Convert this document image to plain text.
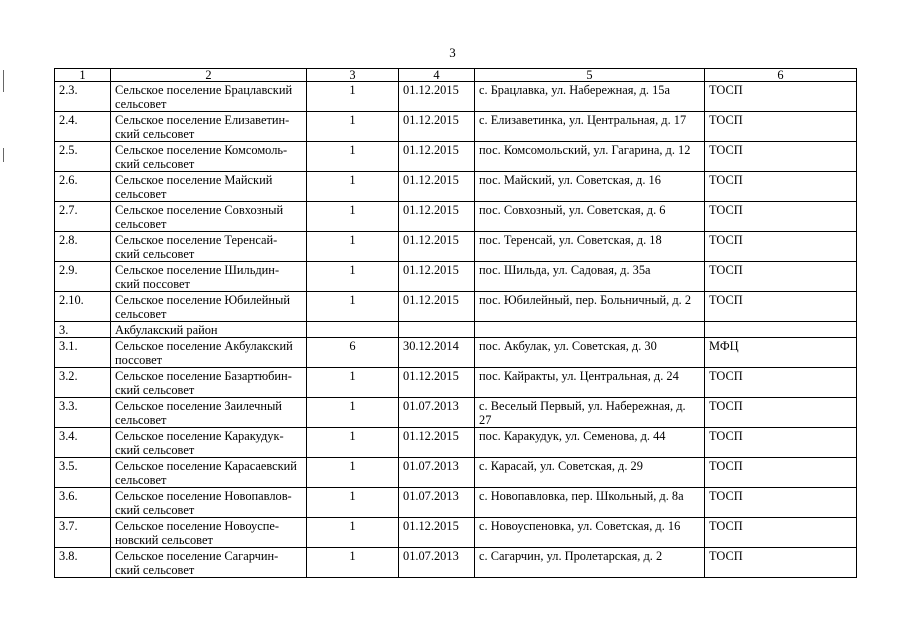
3
1	2	3	4	5	6
2.3.	Сельское поселение Брацлавский сельсовет	1	01.12.2015	с. Брацлавка, ул. Набережная, д. 15а	ТОСП
2.4.	Сельское поселение Елизаветин-ский сельсовет	1	01.12.2015	с. Елизаветинка, ул. Центральная, д. 17	ТОСП
2.5.	Сельское поселение Комсомоль-ский сельсовет	1	01.12.2015	пос. Комсомольский, ул. Гагарина, д. 12	ТОСП
2.6.	Сельское поселение Майский сельсовет	1	01.12.2015	пос. Майский, ул. Советская, д. 16	ТОСП
2.7.	Сельское поселение Совхозный сельсовет	1	01.12.2015	пос. Совхозный, ул. Советская, д. 6	ТОСП
2.8.	Сельское поселение Теренсай-ский сельсовет	1	01.12.2015	пос. Теренсай, ул. Советская, д. 18	ТОСП
2.9.	Сельское поселение Шильдин-ский поссовет	1	01.12.2015	пос. Шильда, ул. Садовая, д. 35а	ТОСП
2.10.	Сельское поселение Юбилейный сельсовет	1	01.12.2015	пос. Юбилейный, пер. Больничный, д. 2	ТОСП
3.	Акбулакский район				
3.1.	Сельское поселение Акбулакский поссовет	6	30.12.2014	пос. Акбулак, ул. Советская, д. 30	МФЦ
3.2.	Сельское поселение Базартюбин-ский сельсовет	1	01.12.2015	пос. Кайракты, ул. Центральная, д. 24	ТОСП
3.3.	Сельское поселение Заилечный сельсовет	1	01.07.2013	с. Веселый Первый, ул. Набережная, д. 27	ТОСП
3.4.	Сельское поселение Каракудук-ский сельсовет	1	01.12.2015	пос. Каракудук, ул. Семенова, д. 44	ТОСП
3.5.	Сельское поселение Карасаевский сельсовет	1	01.07.2013	с. Карасай, ул. Советская, д. 29	ТОСП
3.6.	Сельское поселение Новопавлов-ский сельсовет	1	01.07.2013	с. Новопавловка, пер. Школьный, д. 8а	ТОСП
3.7.	Сельское поселение Новоуспе-новский сельсовет	1	01.12.2015	с. Новоуспеновка, ул. Советская, д. 16	ТОСП
3.8.	Сельское поселение Сагарчин-ский сельсовет	1	01.07.2013	с. Сагарчин, ул. Пролетарская, д. 2	ТОСП
